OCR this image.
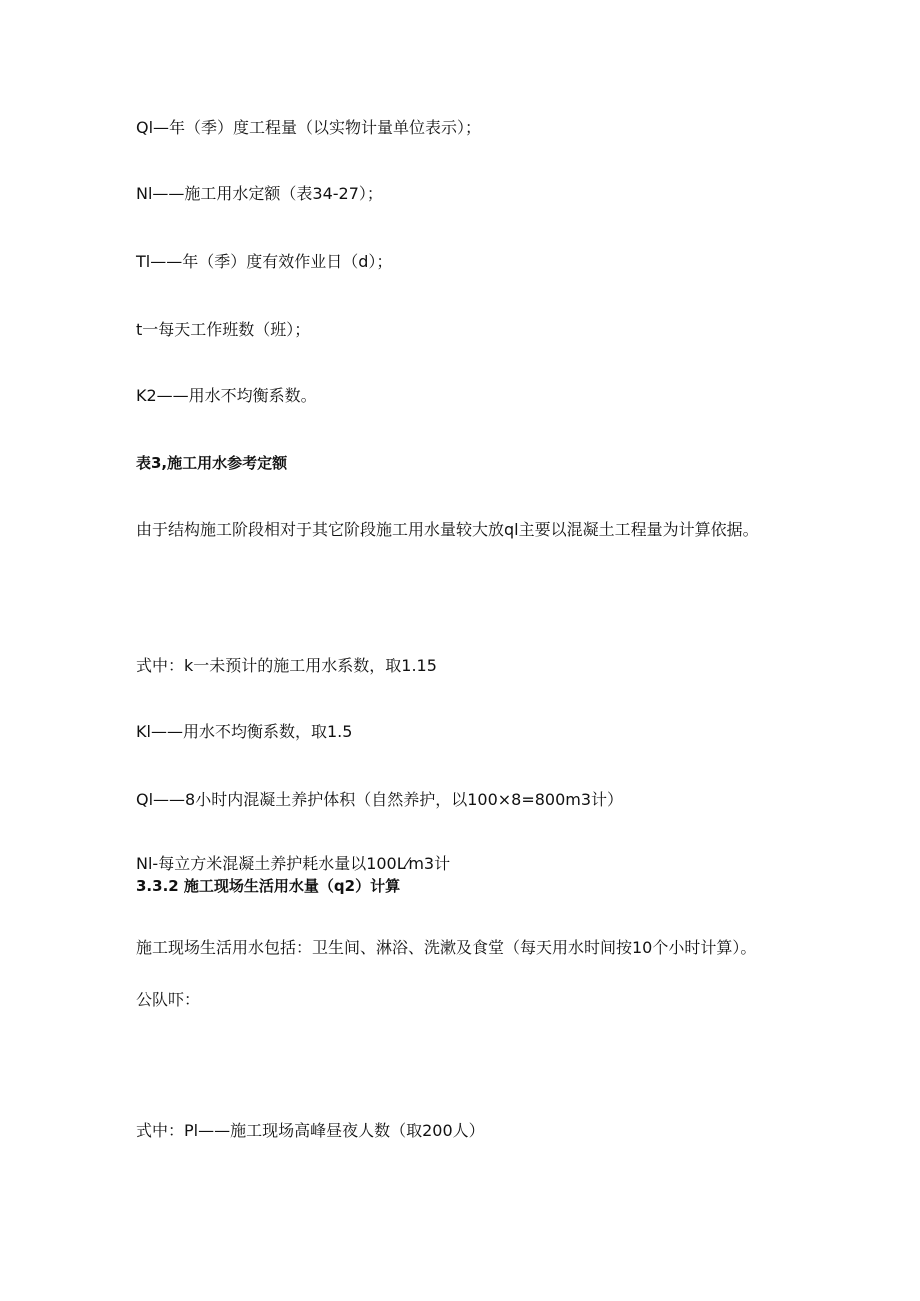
Ql—年（季）度工程量（以实物计量单位表示）；

Nl——施工用水定额（表34-27）；

Tl——年（季）度有效作业日（d）；

t一每天工作班数（班）；

K2——用水不均衡系数。

表3,施工用水参考定额

由于结构施工阶段相对于其它阶段施工用水量较大放ql主要以混凝土工程量为计算依据。

式中：k一未预计的施工用水系数，取1.15

Kl——用水不均衡系数，取1.5

Ql——8小时内混凝土养护体积（自然养护，以100×8=800m3计）

Nl-每立方米混凝土养护耗水量以100L⁄m3计

3.3.2 施工现场生活用水量（q2）计算

施工现场生活用水包括：卫生间、淋浴、洗漱及食堂（每天用水时间按10个小时计算）。

公队吓：

式中：Pl——施工现场高峰昼夜人数（取200人）
